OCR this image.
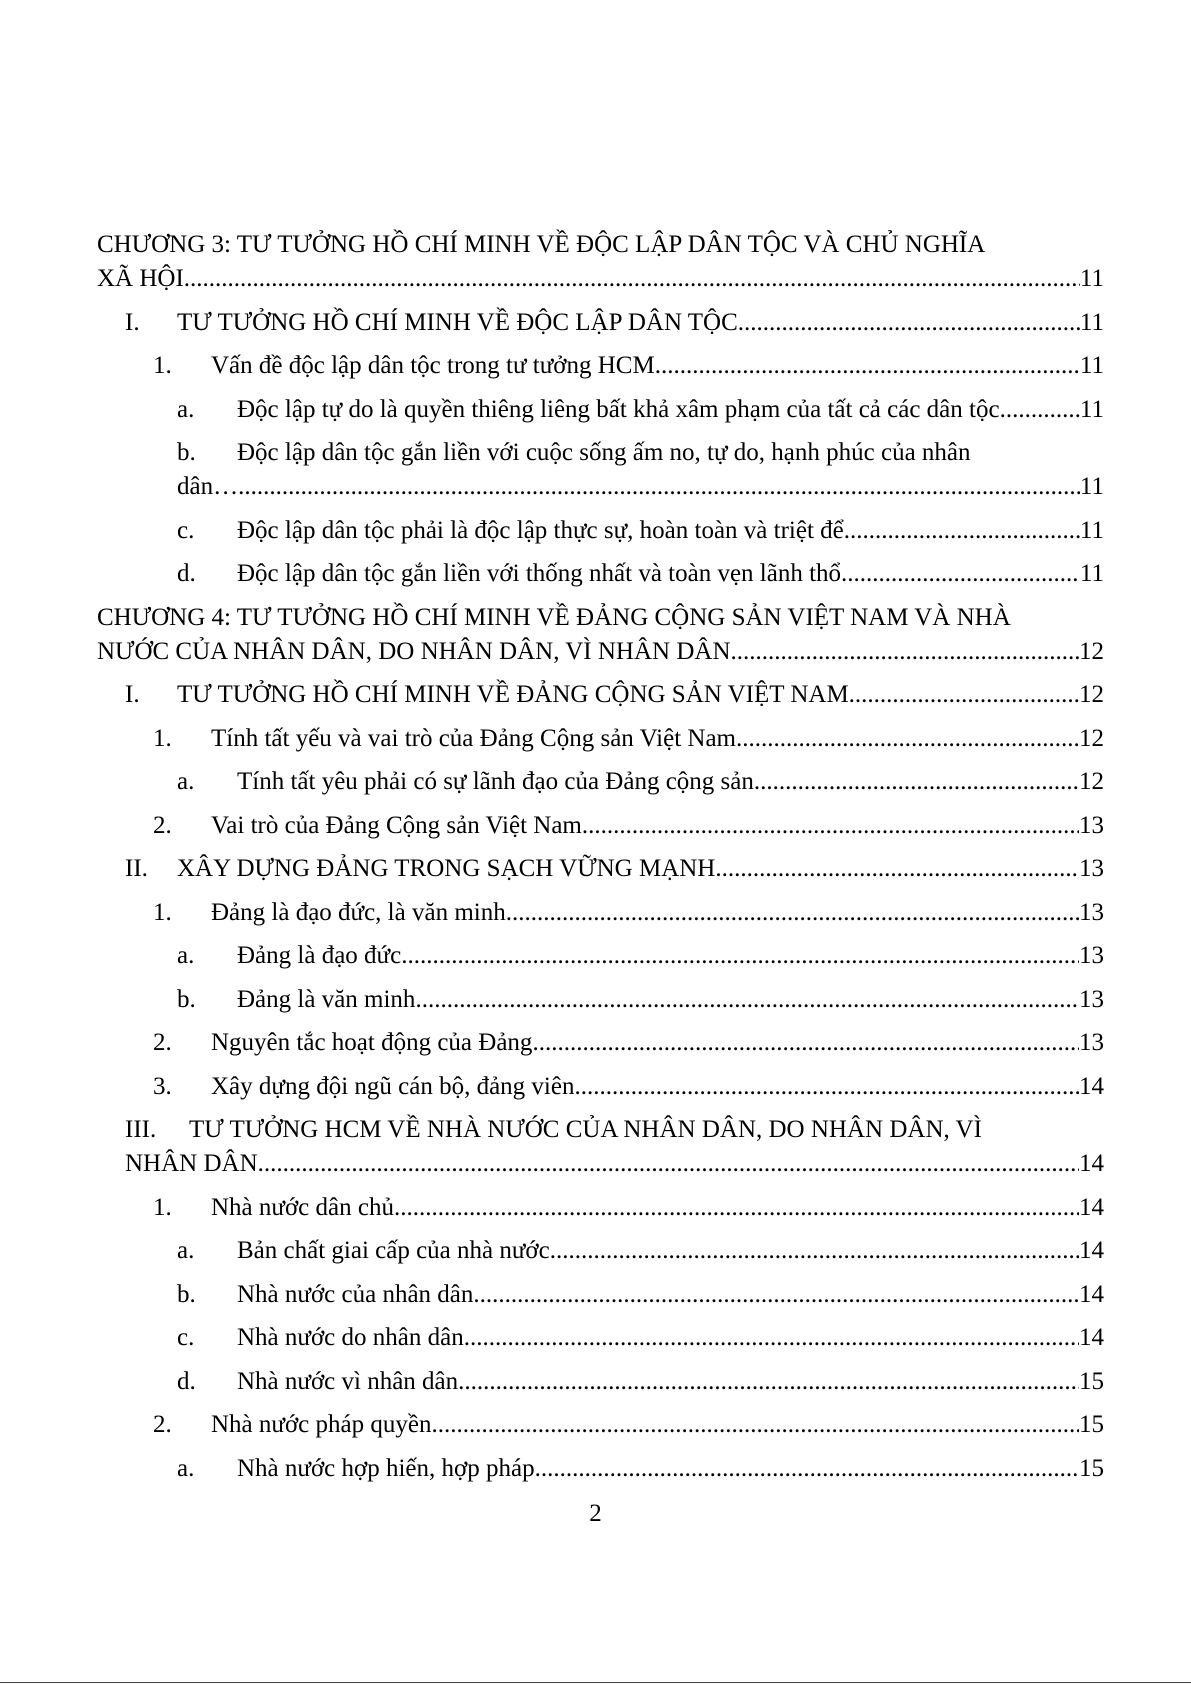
CHƯƠNG 3: TƯ TƯỞNG HỒ CHÍ MINH VỀ ĐỘC LẬP DÂN TỘC VÀ CHỦ NGHĨA
XÃ HỘI .....	11
I.	TƯ TƯỞNG HỒ CHÍ MINH VỀ ĐỘC LẬP DÂN TỘC .....	11
1.	Vấn đề độc lập dân tộc trong tư tưởng HCM .....	11
a.	Độc lập tự do là quyền thiêng liêng bất khả xâm phạm của tất cả các dân tộc. .....	11
b.	Độc lập dân tộc gắn liền với cuộc sống ấm no, tự do, hạnh phúc của nhân
dân… .....	11
c.	Độc lập dân tộc phải là độc lập thực sự, hoàn toàn và triệt để .....	11
d.	Độc lập dân tộc gắn liền với thống nhất và toàn vẹn lãnh thổ .....	11
CHƯƠNG 4: TƯ TƯỞNG HỒ CHÍ MINH VỀ ĐẢNG CỘNG SẢN VIỆT NAM VÀ NHÀ
NƯỚC CỦA NHÂN DÂN, DO NHÂN DÂN, VÌ NHÂN DÂN .....	12
I.	TƯ TƯỞNG HỒ CHÍ MINH VỀ ĐẢNG CỘNG SẢN VIỆT NAM .....	12
1.	Tính tất yếu và vai trò của Đảng Cộng sản Việt Nam .....	12
a.	Tính tất yêu phải có sự lãnh đạo của Đảng cộng sản .....	12
2.	Vai trò của Đảng Cộng sản Việt Nam .....	13
II.	XÂY DỰNG ĐẢNG TRONG SẠCH VỮNG MẠNH .....	13
1.	Đảng là đạo đức, là văn minh .....	13
a.	Đảng là đạo đức .....	13
b.	Đảng là văn minh .....	13
2.	Nguyên tắc hoạt động của Đảng .....	13
3.	Xây dựng đội ngũ cán bộ, đảng viên .....	14
III.	TƯ TƯỞNG HCM VỀ NHÀ NƯỚC CỦA NHÂN DÂN, DO NHÂN DÂN, VÌ
NHÂN DÂN .....	14
1.	Nhà nước dân chủ .....	14
a.	Bản chất giai cấp của nhà nước .....	14
b.	Nhà nước của nhân dân .....	14
c.	Nhà nước do nhân dân .....	14
d.	Nhà nước vì nhân dân .....	15
2.	Nhà nước pháp quyền .....	15
a.	Nhà nước hợp hiến, hợp pháp .....	15
2
